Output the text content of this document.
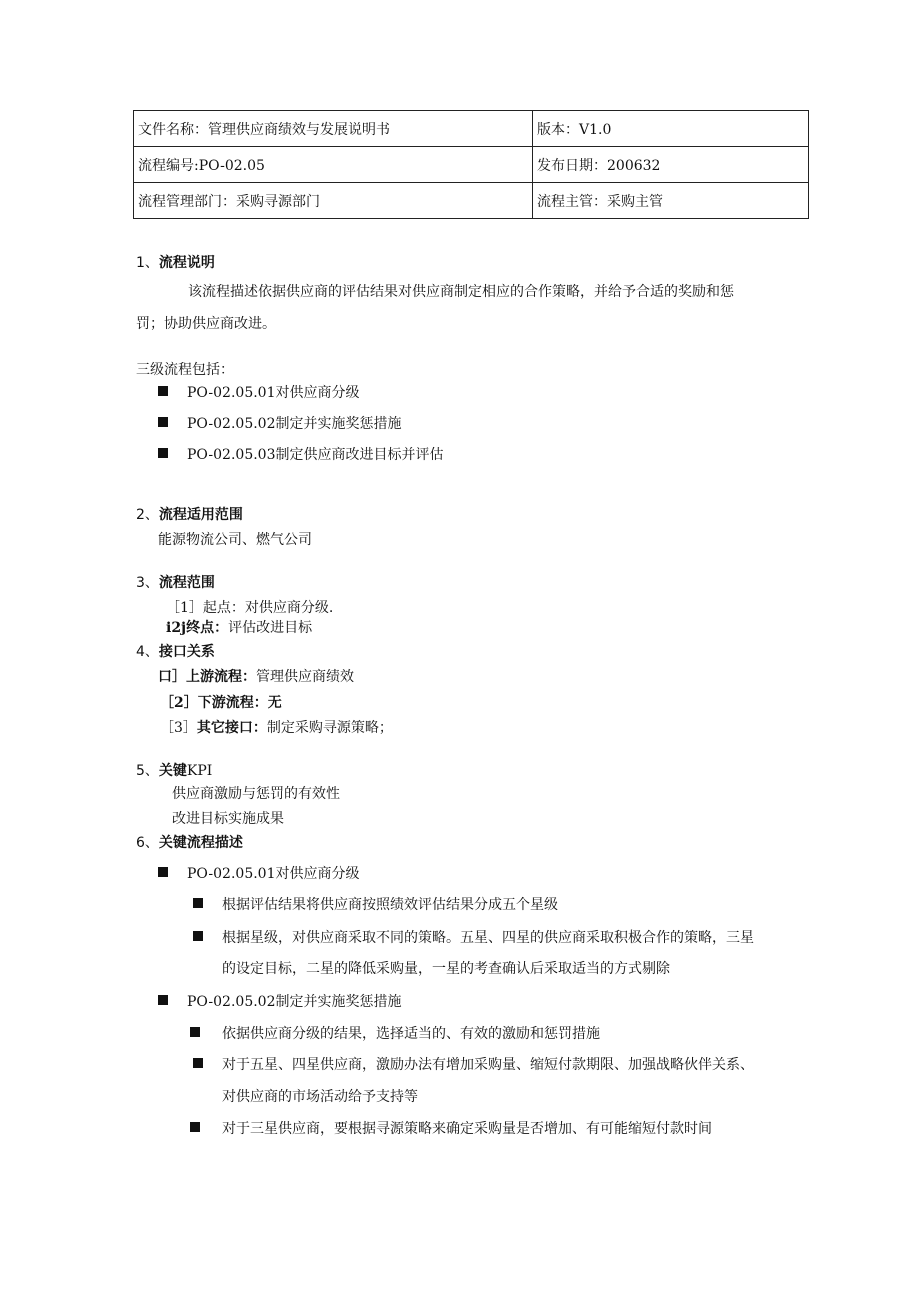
文件名称：管理供应商绩效与发展说明书	版本：V1.0
流程编号:PO-02.05	发布日期：200632
流程管理部门：采购寻源部门	流程主管：采购主管
1、流程说明
该流程描述依据供应商的评估结果对供应商制定相应的合作策略，并给予合适的奖励和惩
罚；协助供应商改进。
三级流程包括：
PO-02.05.01对供应商分级
PO-02.05.02制定并实施奖惩措施
PO-02.05.03制定供应商改进目标并评估
2、流程适用范围
能源物流公司、燃气公司
3、流程范围
［1］起点：对供应商分级.
i2j终点：评估改进目标
4、接口关系
口］上游流程：管理供应商绩效
［2］下游流程：无
［3］其它接口：制定采购寻源策略；
5、关键KPI
供应商激励与惩罚的有效性
改进目标实施成果
6、关键流程描述
PO-02.05.01对供应商分级
根据评估结果将供应商按照绩效评估结果分成五个星级
根据星级，对供应商采取不同的策略。五星、四星的供应商采取积极合作的策略，三星
的设定目标，二星的降低采购量，一星的考查确认后采取适当的方式剔除
PO-02.05.02制定并实施奖惩措施
依据供应商分级的结果，选择适当的、有效的激励和惩罚措施
对于五星、四星供应商，激励办法有增加采购量、缩短付款期限、加强战略伙伴关系、
对供应商的市场活动给予支持等
对于三星供应商，要根据寻源策略来确定采购量是否增加、有可能缩短付款时间
